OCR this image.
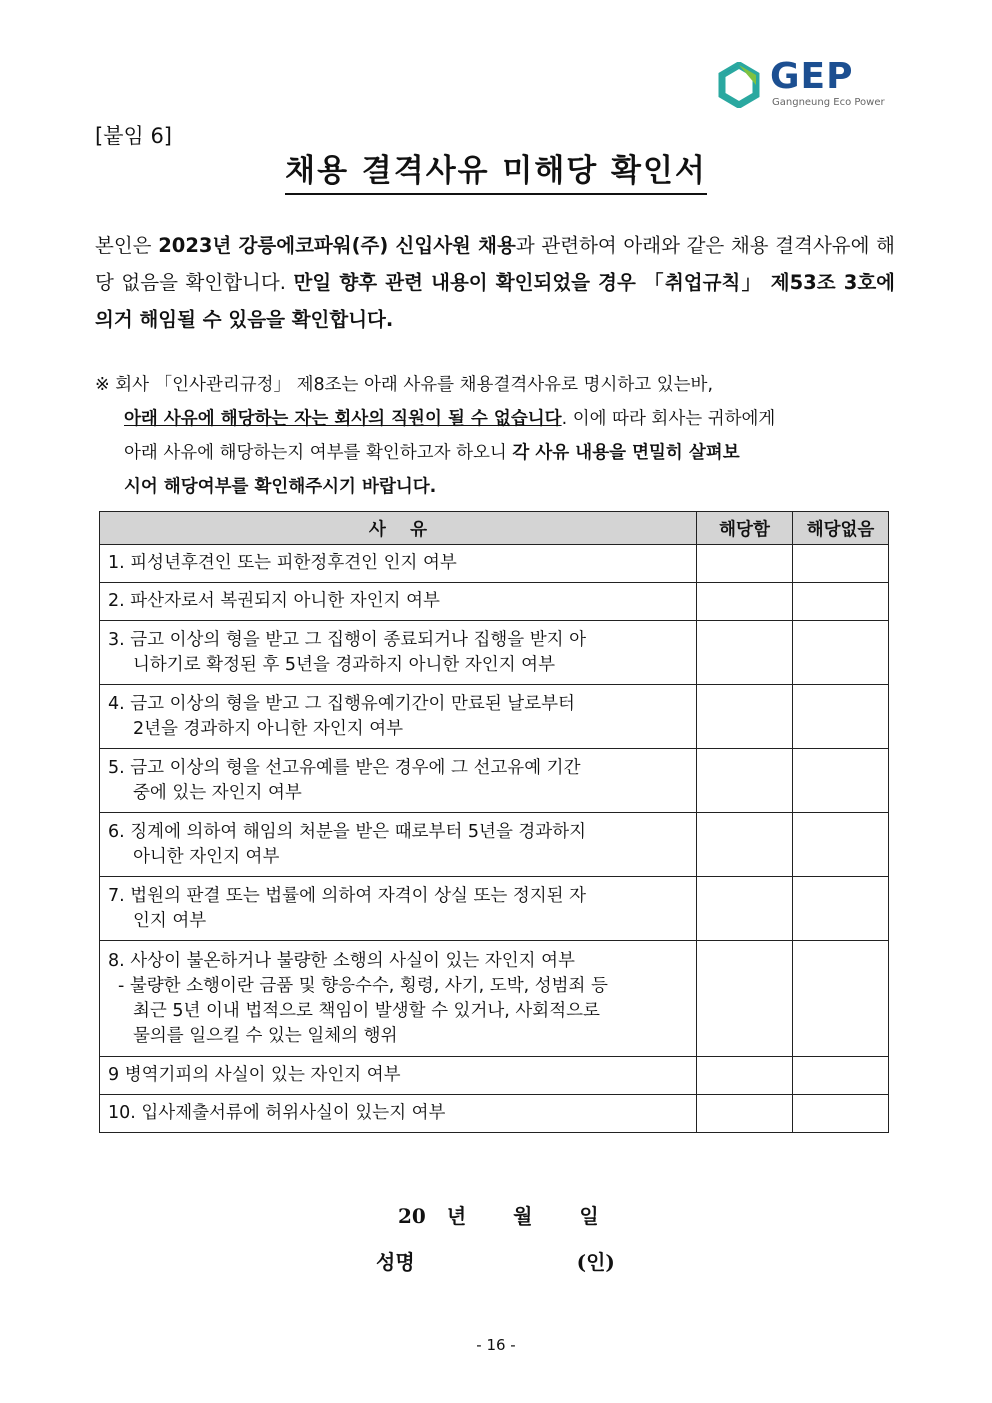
GEP
Gangneung Eco Power
[붙임 6]
채용 결격사유 미해당 확인서
본인은 2023년 강릉에코파워(주) 신입사원 채용과 관련하여 아래와 같은 채용 결격사유에 해당 없음을 확인합니다. 만일 향후 관련 내용이 확인되었을 경우 「취업규칙」 제53조 3호에 의거 해임될 수 있음을 확인합니다.
※ 회사 「인사관리규정」 제8조는 아래 사유를 채용결격사유로 명시하고 있는바,
아래 사유에 해당하는 자는 회사의 직원이 될 수 없습니다. 이에 따라 회사는 귀하에게
아래 사유에 해당하는지 여부를 확인하고자 하오니 각 사유 내용을 면밀히 살펴보
시어 해당여부를 확인해주시기 바랍니다.
사    유	해당함	해당없음

1. 피성년후견인 또는 피한정후견인 인지 여부		

2. 파산자로서 복권되지 아니한 자인지 여부		

3. 금고 이상의 형을 받고 그 집행이 종료되거나 집행을 받지 아
니하기로 확정된 후 5년을 경과하지 아니한 자인지 여부		

4. 금고 이상의 형을 받고 그 집행유예기간이 만료된 날로부터
2년을 경과하지 아니한 자인지 여부		

5. 금고 이상의 형을 선고유예를 받은 경우에 그 선고유예 기간
중에 있는 자인지 여부		

6. 징계에 의하여 해임의 처분을 받은 때로부터 5년을 경과하지
아니한 자인지 여부		

7. 법원의 판결 또는 법률에 의하여 자격이 상실 또는 정지된 자
인지 여부		

8. 사상이 불온하거나 불량한 소행의 사실이 있는 자인지 여부
- 불량한 소행이란 금품 및 향응수수, 횡령, 사기, 도박, 성범죄 등
최근 5년 이내 법적으로 책임이 발생할 수 있거나, 사회적으로
물의를 일으킬 수 있는 일체의 행위		

9 병역기피의 사실이 있는 자인지 여부		

10. 입사제출서류에 허위사실이 있는지 여부		

20 년 월 일
성명	(인)
- 16 -
